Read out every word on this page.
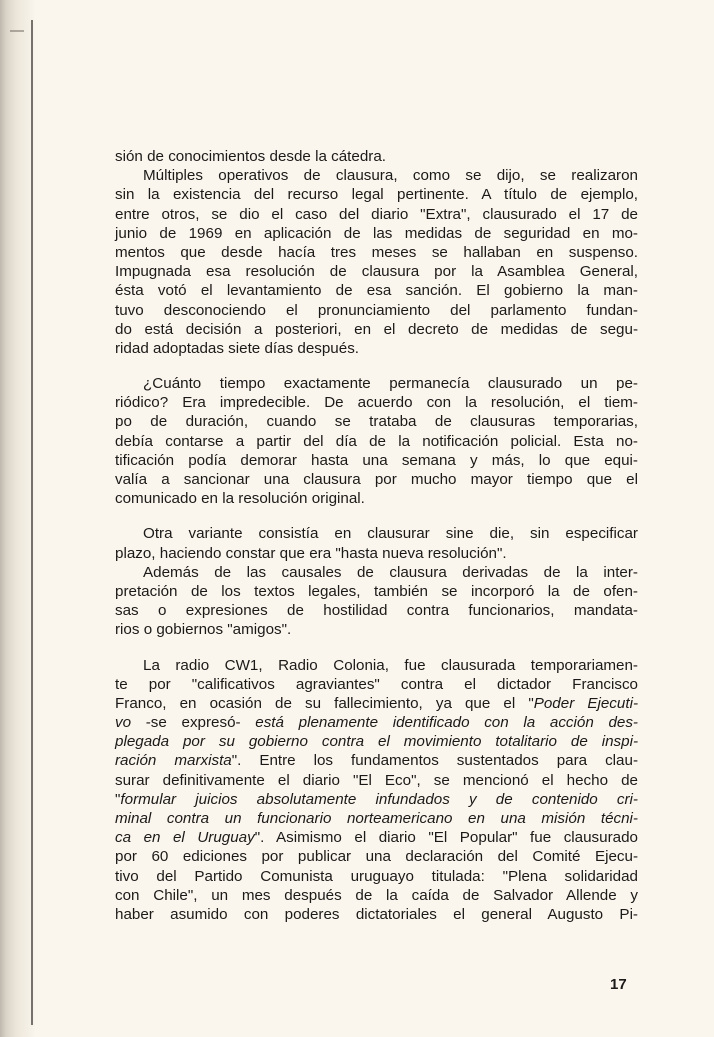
sión de conocimientos desde la cátedra.
Múltiples operativos de clausura, como se dijo, se realizaron
sin la existencia del recurso legal pertinente. A título de ejemplo,
entre otros, se dio el caso del diario "Extra", clausurado el 17 de
junio de 1969 en aplicación de las medidas de seguridad en mo-
mentos que desde hacía tres meses se hallaban en suspenso.
Impugnada esa resolución de clausura por la Asamblea General,
ésta votó el levantamiento de esa sanción. El gobierno la man-
tuvo desconociendo el pronunciamiento del parlamento fundan-
do está decisión a posteriori, en el decreto de medidas de segu-
ridad adoptadas siete días después.
¿Cuánto tiempo exactamente permanecía clausurado un pe-
riódico? Era impredecible. De acuerdo con la resolución, el tiem-
po de duración, cuando se trataba de clausuras temporarias,
debía contarse a partir del día de la notificación policial. Esta no-
tificación podía demorar hasta una semana y más, lo que equi-
valía a sancionar una clausura por mucho mayor tiempo que el
comunicado en la resolución original.
Otra variante consistía en clausurar sine die, sin especificar
plazo, haciendo constar que era "hasta nueva resolución".
Además de las causales de clausura derivadas de la inter-
pretación de los textos legales, también se incorporó la de ofen-
sas o expresiones de hostilidad contra funcionarios, mandata-
rios o gobiernos "amigos".
La radio CW1, Radio Colonia, fue clausurada temporariamen-
te por "calificativos agraviantes" contra el dictador Francisco
Franco, en ocasión de su fallecimiento, ya que el "Poder Ejecuti-
vo -se expresó- está plenamente identificado con la acción des-
plegada por su gobierno contra el movimiento totalitario de inspi-
ración marxista". Entre los fundamentos sustentados para clau-
surar definitivamente el diario "El Eco", se mencionó el hecho de
"formular juicios absolutamente infundados y de contenido cri-
minal contra un funcionario norteamericano en una misión técni-
ca en el Uruguay". Asimismo el diario "El Popular" fue clausurado
por 60 ediciones por publicar una declaración del Comité Ejecu-
tivo del Partido Comunista uruguayo titulada: "Plena solidaridad
con Chile", un mes después de la caída de Salvador Allende y
haber asumido con poderes dictatoriales el general Augusto Pi-
17
